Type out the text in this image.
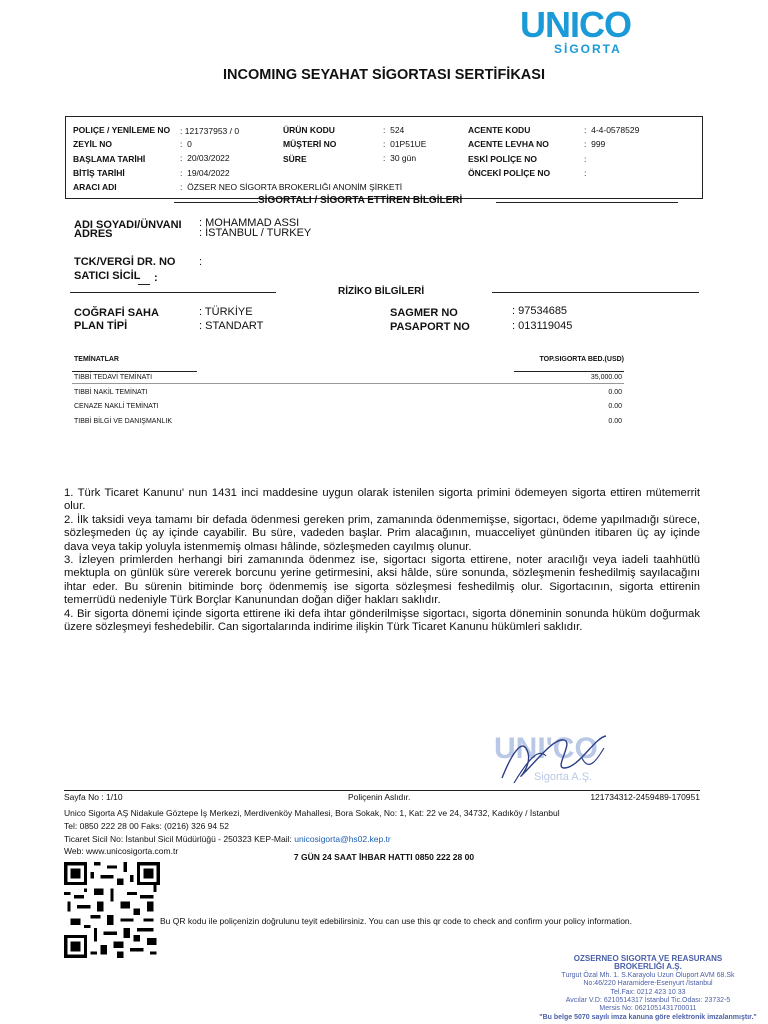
UNICO
SİGORTA
INCOMING SEYAHAT SİGORTASI SERTİFİKASI
POLIÇE / YENİLEME NO : 121737953 / 0	ÜRÜN KODU	:  524	ACENTE KODU	:  4-4-0578529
ZEYİL NO	:  0	MÜŞTERİ NO	:  01P51UE	ACENTE LEVHA NO	:  999
BAŞLAMA TARİHİ	:  20/03/2022	SÜRE	:  30 gün	ESKİ POLİÇE NO	:
BİTİŞ TARİHİ	:  19/04/2022	ÖNCEKİ POLİÇE NO	:
ARACI ADI	:  ÖZSER NEO SİGORTA BROKERLIĞI ANONİM ŞİRKETİ
SİGORTALI / SİGORTA ETTİREN BİLGİLERİ
ADI SOYADI/ÜNVANI : MOHAMMAD ASSI
ADRES	: İSTANBUL / TURKEY
TCK/VERGİ DR. NO :
SATICI SİCİL :
RİZİKO BİLGİLERİ
COĞRAFİ SAHA	: TÜRKİYE
PLAN TİPİ	: STANDART
SAGMER NO	: 97534685
PASAPORT NO	: 013119045
TEMİNATLAR	TOP.SIGORTA BED.(USD)
TIBBİ TEDAVİ TEMİNATI	35,000.00
TIBBİ NAKİL TEMİNATI	0.00
CENAZE NAKLİ TEMİNATI	0.00
TIBBİ BİLGİ VE DANIŞMANLIK	0.00

1. Türk Ticaret Kanunu' nun 1431 inci maddesine uygun olarak istenilen sigorta primini ödemeyen sigorta ettiren mütemerrit olur.

2. İlk taksidi veya tamamı bir defada ödenmesi gereken prim, zamanında ödenmemişse, sigortacı, ödeme yapılmadığı sürece, sözleşmeden üç ay içinde cayabilir. Bu süre, vadeden başlar. Prim alacağının, muacceliyet gününden itibaren üç ay içinde dava veya takip yoluyla istenmemiş olması hâlinde, sözleşmeden cayılmış olunur.

3. İzleyen primlerden herhangi biri zamanında ödenmez ise, sigortacı sigorta ettirene, noter aracılığı veya iadeli taahhütlü mektupla on günlük süre vererek borcunu yerine getirmesini, aksi hâlde, süre sonunda, sözleşmenin feshedilmiş sayılacağını ihtar eder. Bu sürenin bitiminde borç ödenmemiş ise sigorta sözleşmesi feshedilmiş olur. Sigortacının, sigorta ettirenin temerrüdü nedeniyle Türk Borçlar Kanunundan doğan diğer hakları saklıdır.

4. Bir sigorta dönemi içinde sigorta ettirene iki defa ihtar gönderilmişse sigortacı, sigorta döneminin sonunda hüküm doğurmak üzere sözleşmeyi feshedebilir. Can sigortalarında indirime ilişkin Türk Ticaret Kanunu hükümleri saklıdır.

UNI'CO
Sigorta A.Ş.
Sayfa No : 1/10	Poliçenin Aslıdır.	121734312-2459489-170951
Unico Sigorta AŞ Nidakule Göztepe İş Merkezi, Merdivenköy Mahallesi, Bora Sokak, No: 1, Kat: 22 ve 24, 34732, Kadıköy / İstanbul
Tel: 0850 222 28 00 Faks: (0216) 326 94 52
Ticaret Sicil No: İstanbul Sicil Müdürlüğü - 250323 KEP-Mail: unicosigorta@hs02.kep.tr
Web: www.unicosigorta.com.tr
7 GÜN 24 SAAT İHBAR HATTI 0850 222 28 00
Bu QR kodu ile poliçenizin doğrulunu teyit edebilirsiniz. You can use this qr code to check and confirm your policy information.
OZSERNEO SIGORTA VE REASURANS
BROKERLIĞI A.Ş.
Turgut Özal Mh. 1. S.Karayolu Uzun Oluport AVM 68.Sk
No:46/220 Haramidere-Esenyurt /İstanbul
Tel.Fax: 0212 423 10 33
Avcılar V.D: 6210514317 İstanbul Tic.Odası: 23732-5
Mersis No: 0621051431700011
"Bu belge 5070 sayılı imza kanuna göre elektronik imzalanmıştır."
